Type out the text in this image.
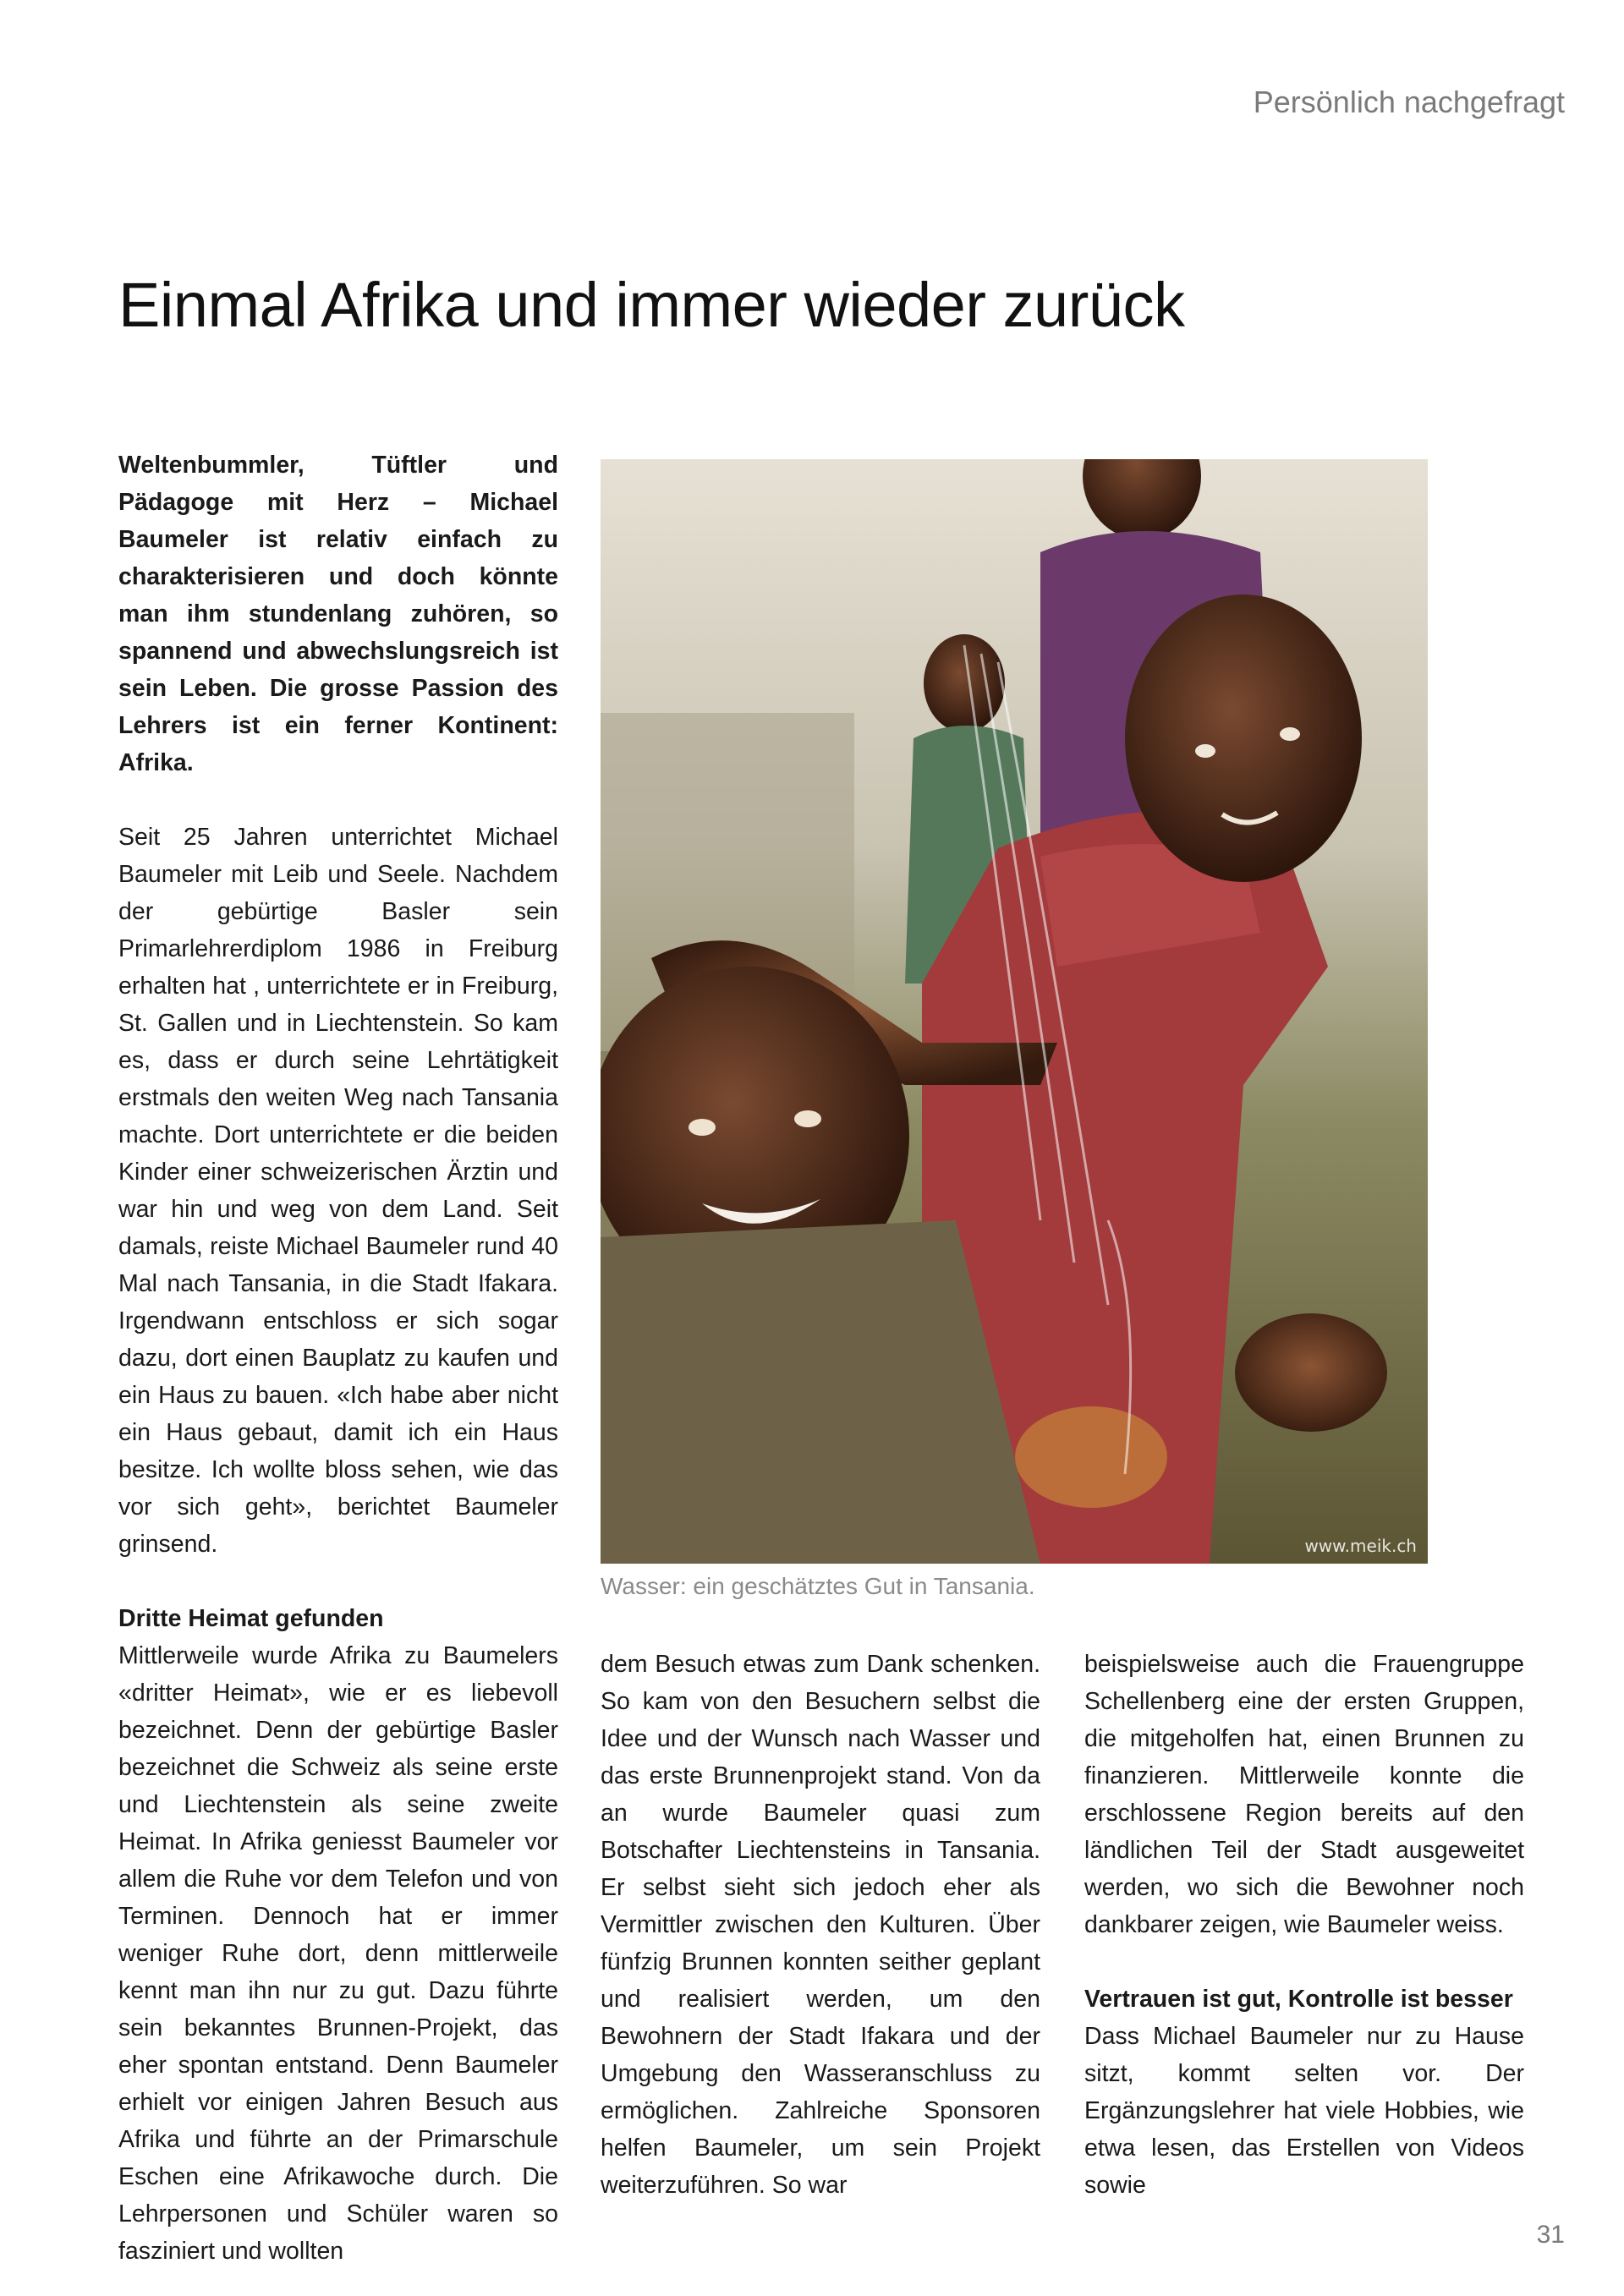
Persönlich nachgefragt
Einmal Afrika und immer wieder zurück

Weltenbummler, Tüftler und Pädagoge mit Herz – Michael Baumeler ist relativ einfach zu charakterisieren und doch könnte man ihm stundenlang zuhören, so spannend und abwechslungsreich ist sein Leben. Die grosse Passion des Lehrers ist ein ferner Kontinent: Afrika.

Seit 25 Jahren unterrichtet Michael Baumeler mit Leib und Seele. Nachdem der gebürtige Basler sein Primarlehrerdiplom 1986 in Freiburg erhalten hat , unterrichtete er in Freiburg, St. Gallen und in Liechtenstein. So kam es, dass er durch seine Lehrtätigkeit erstmals den weiten Weg nach Tansania machte. Dort unterrichtete er die beiden Kinder einer schweizerischen Ärztin und war hin und weg von dem Land. Seit damals, reiste Michael Baumeler rund 40 Mal nach Tansania, in die Stadt Ifakara. Irgendwann entschloss er sich sogar dazu, dort einen Bauplatz zu kaufen und ein Haus zu bauen. «Ich habe aber nicht ein Haus gebaut, damit ich ein Haus besitze. Ich wollte bloss sehen, wie das vor sich geht», berichtet Baumeler grinsend.

Dritte Heimat gefunden

Mittlerweile wurde Afrika zu Baumelers «dritter Heimat», wie er es liebevoll bezeichnet. Denn der gebürtige Basler bezeichnet die Schweiz als seine erste und Liechtenstein als seine zweite Heimat. In Afrika geniesst Baumeler vor allem die Ruhe vor dem Telefon und von Terminen. Dennoch hat er immer weniger Ruhe dort, denn mittlerweile kennt man ihn nur zu gut. Dazu führte sein bekanntes Brunnen-Projekt, das eher spontan entstand. Denn Baumeler erhielt vor einigen Jahren Besuch aus Afrika und führte an der Primarschule Eschen eine Afrikawoche durch. Die Lehrpersonen und Schüler waren so fasziniert und wollten

www.meik.ch
Wasser: ein geschätztes Gut in Tansania.

dem Besuch etwas zum Dank schenken. So kam von den Besuchern selbst die Idee und der Wunsch nach Wasser und das erste Brunnenprojekt stand. Von da an wurde Baumeler quasi zum Botschafter Liechtensteins in Tansania. Er selbst sieht sich jedoch eher als Vermittler zwischen den Kulturen. Über fünfzig Brunnen konnten seither geplant und realisiert werden, um den Bewohnern der Stadt Ifakara und der Umgebung den Wasseranschluss zu ermöglichen. Zahlreiche Sponsoren helfen Baumeler, um sein Projekt weiterzuführen. So war

beispielsweise auch die Frauengruppe Schellenberg eine der ersten Gruppen, die mitgeholfen hat, einen Brunnen zu finanzieren. Mittlerweile konnte die erschlossene Region bereits auf den ländlichen Teil der Stadt ausgeweitet werden, wo sich die Bewohner noch dankbarer zeigen, wie Baumeler weiss.

Vertrauen ist gut, Kontrolle ist besser

Dass Michael Baumeler nur zu Hause sitzt, kommt selten vor. Der Ergänzungslehrer hat viele Hobbies, wie etwa lesen, das Erstellen von Videos sowie

31
